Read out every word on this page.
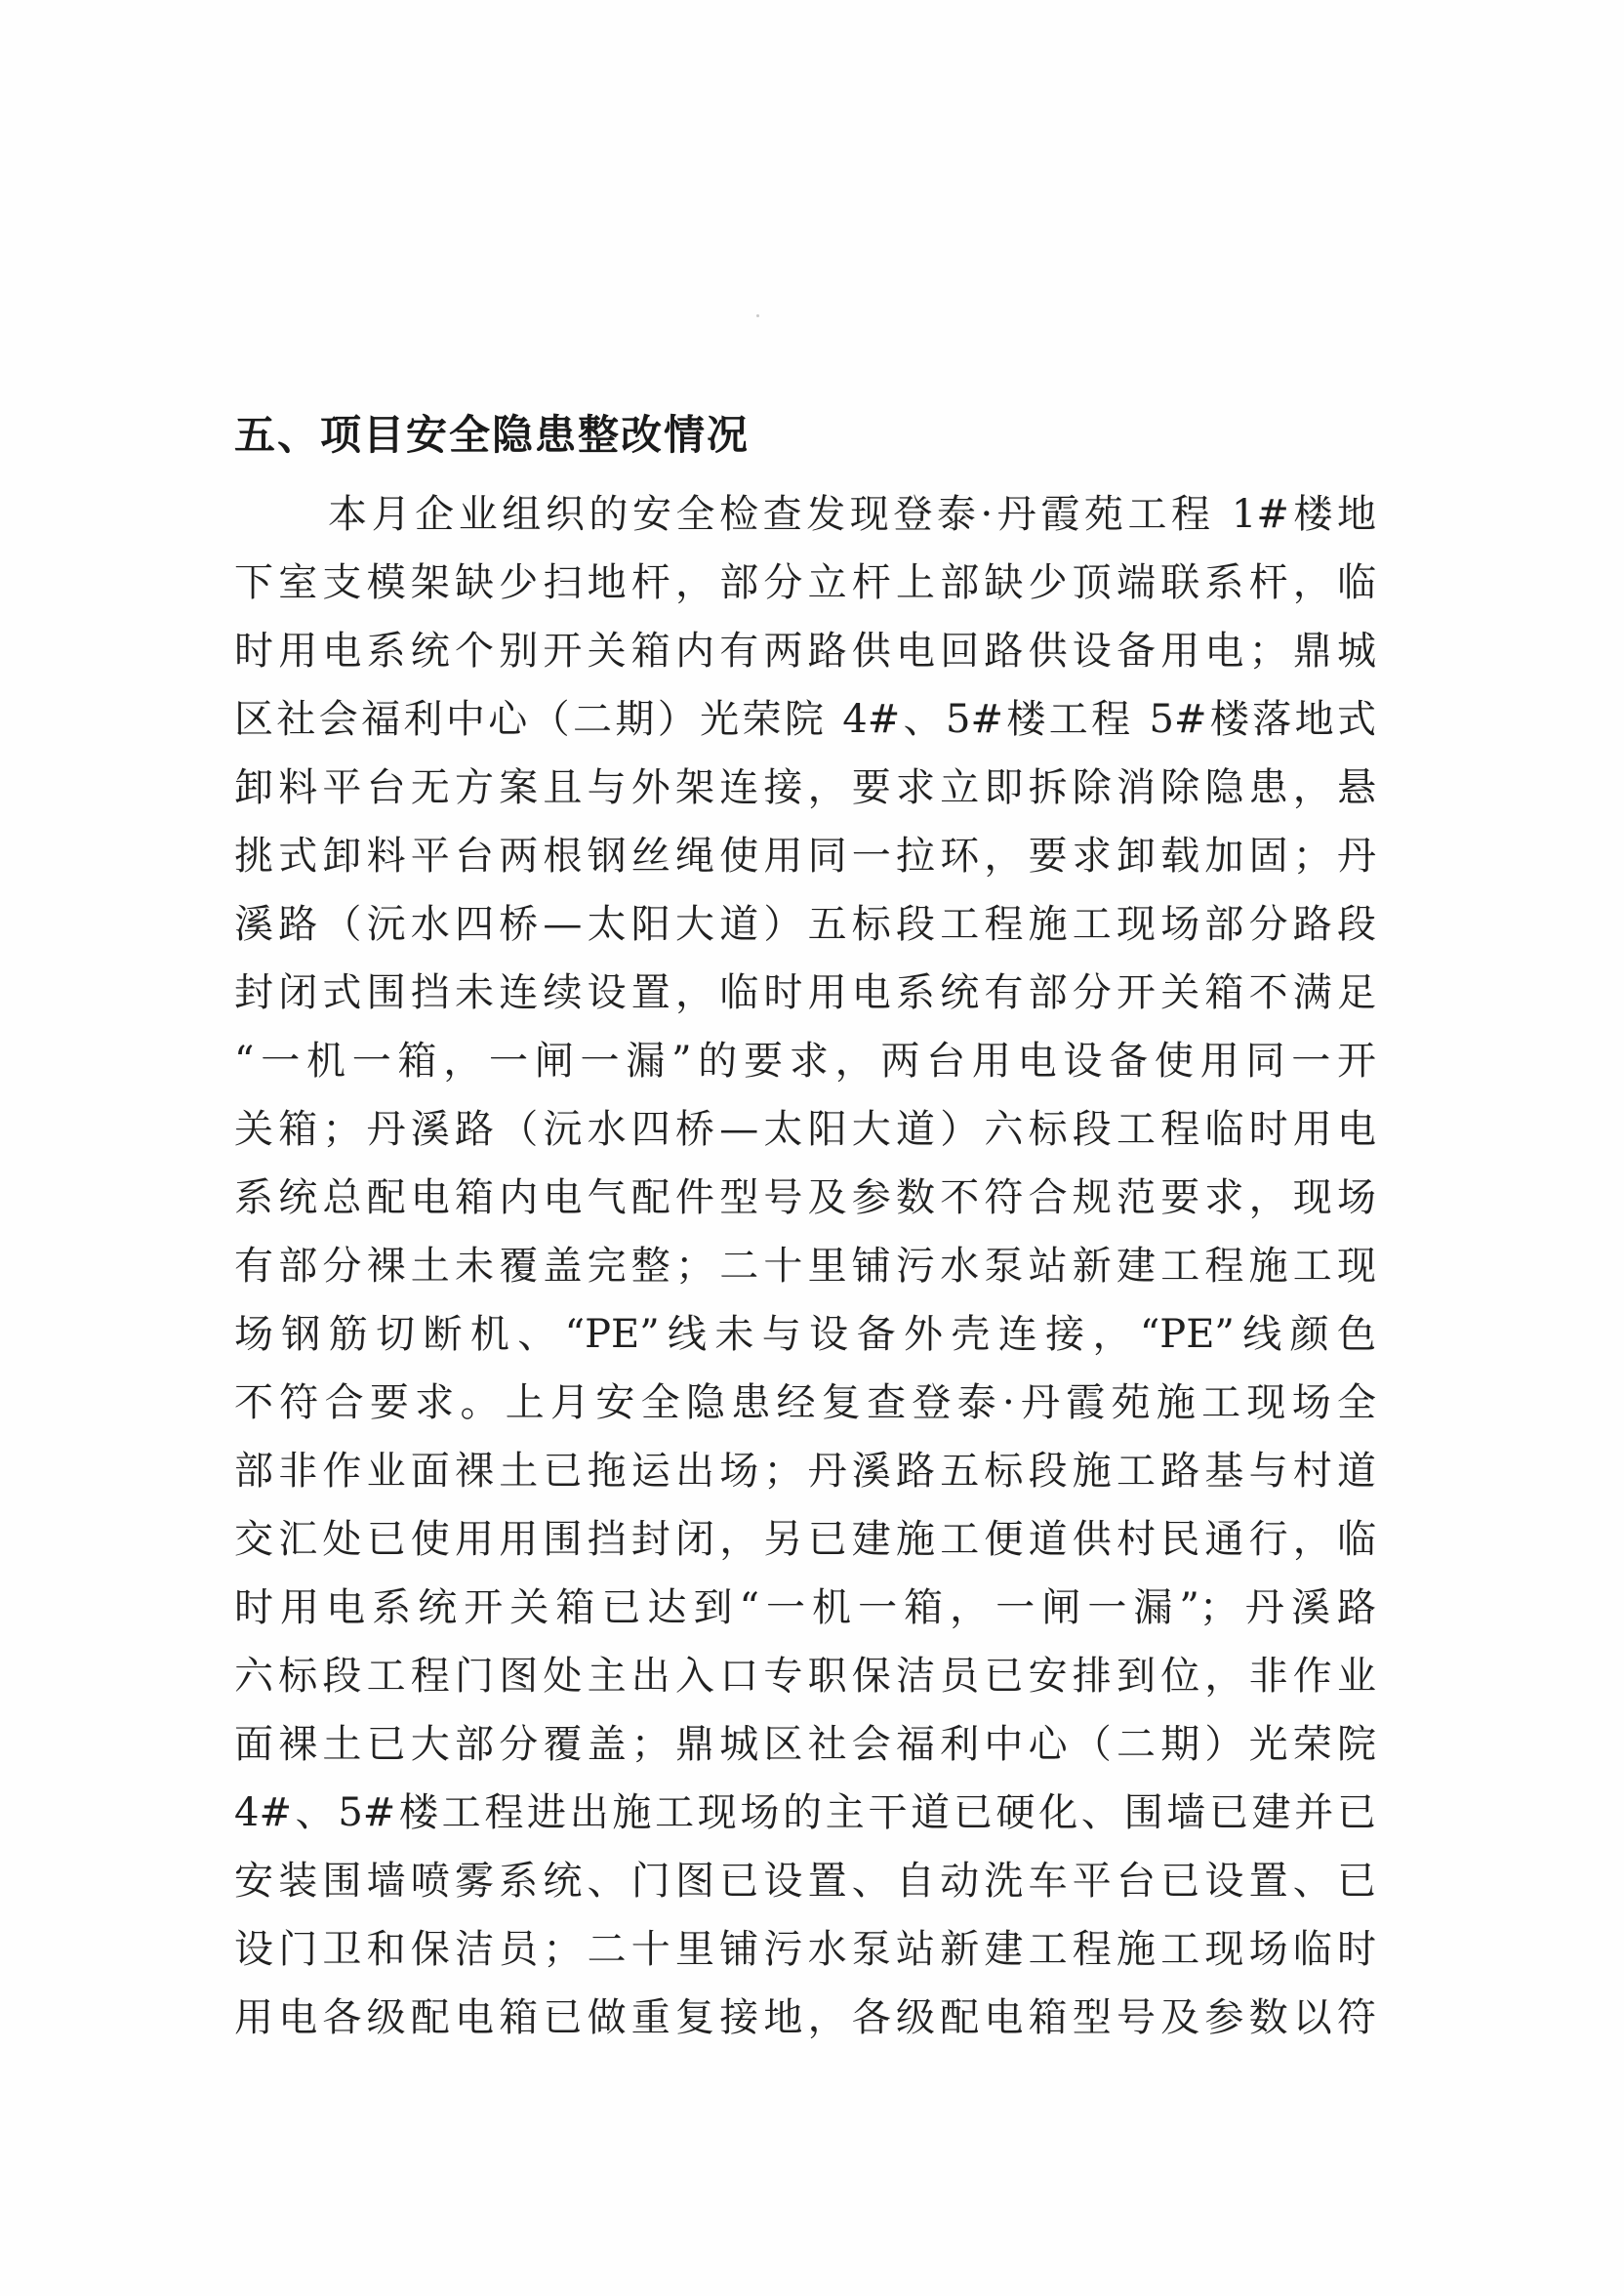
五、项目安全隐患整改情况
本月企业组织的安全检查发现登泰·丹霞苑工程 1#楼地
下室支模架缺少扫地杆，部分立杆上部缺少顶端联系杆，临
时用电系统个别开关箱内有两路供电回路供设备用电；鼎城
区社会福利中心（二期）光荣院 4#、5#楼工程 5#楼落地式
卸料平台无方案且与外架连接，要求立即拆除消除隐患，悬
挑式卸料平台两根钢丝绳使用同一拉环，要求卸载加固；丹
溪路（沅水四桥—太阳大道）五标段工程施工现场部分路段
封闭式围挡未连续设置，临时用电系统有部分开关箱不满足
“一机一箱，一闸一漏”的要求，两台用电设备使用同一开
关箱；丹溪路（沅水四桥—太阳大道）六标段工程临时用电
系统总配电箱内电气配件型号及参数不符合规范要求，现场
有部分裸土未覆盖完整；二十里铺污水泵站新建工程施工现
场钢筋切断机、“PE”线未与设备外壳连接，“PE”线颜色
不符合要求。上月安全隐患经复查登泰·丹霞苑施工现场全
部非作业面裸土已拖运出场；丹溪路五标段施工路基与村道
交汇处已使用用围挡封闭，另已建施工便道供村民通行，临
时用电系统开关箱已达到“一机一箱，一闸一漏”；丹溪路
六标段工程门图处主出入口专职保洁员已安排到位，非作业
面裸土已大部分覆盖；鼎城区社会福利中心（二期）光荣院
4#、5#楼工程进出施工现场的主干道已硬化、围墙已建并已
安装围墙喷雾系统、门图已设置、自动洗车平台已设置、已
设门卫和保洁员；二十里铺污水泵站新建工程施工现场临时
用电各级配电箱已做重复接地，各级配电箱型号及参数以符
